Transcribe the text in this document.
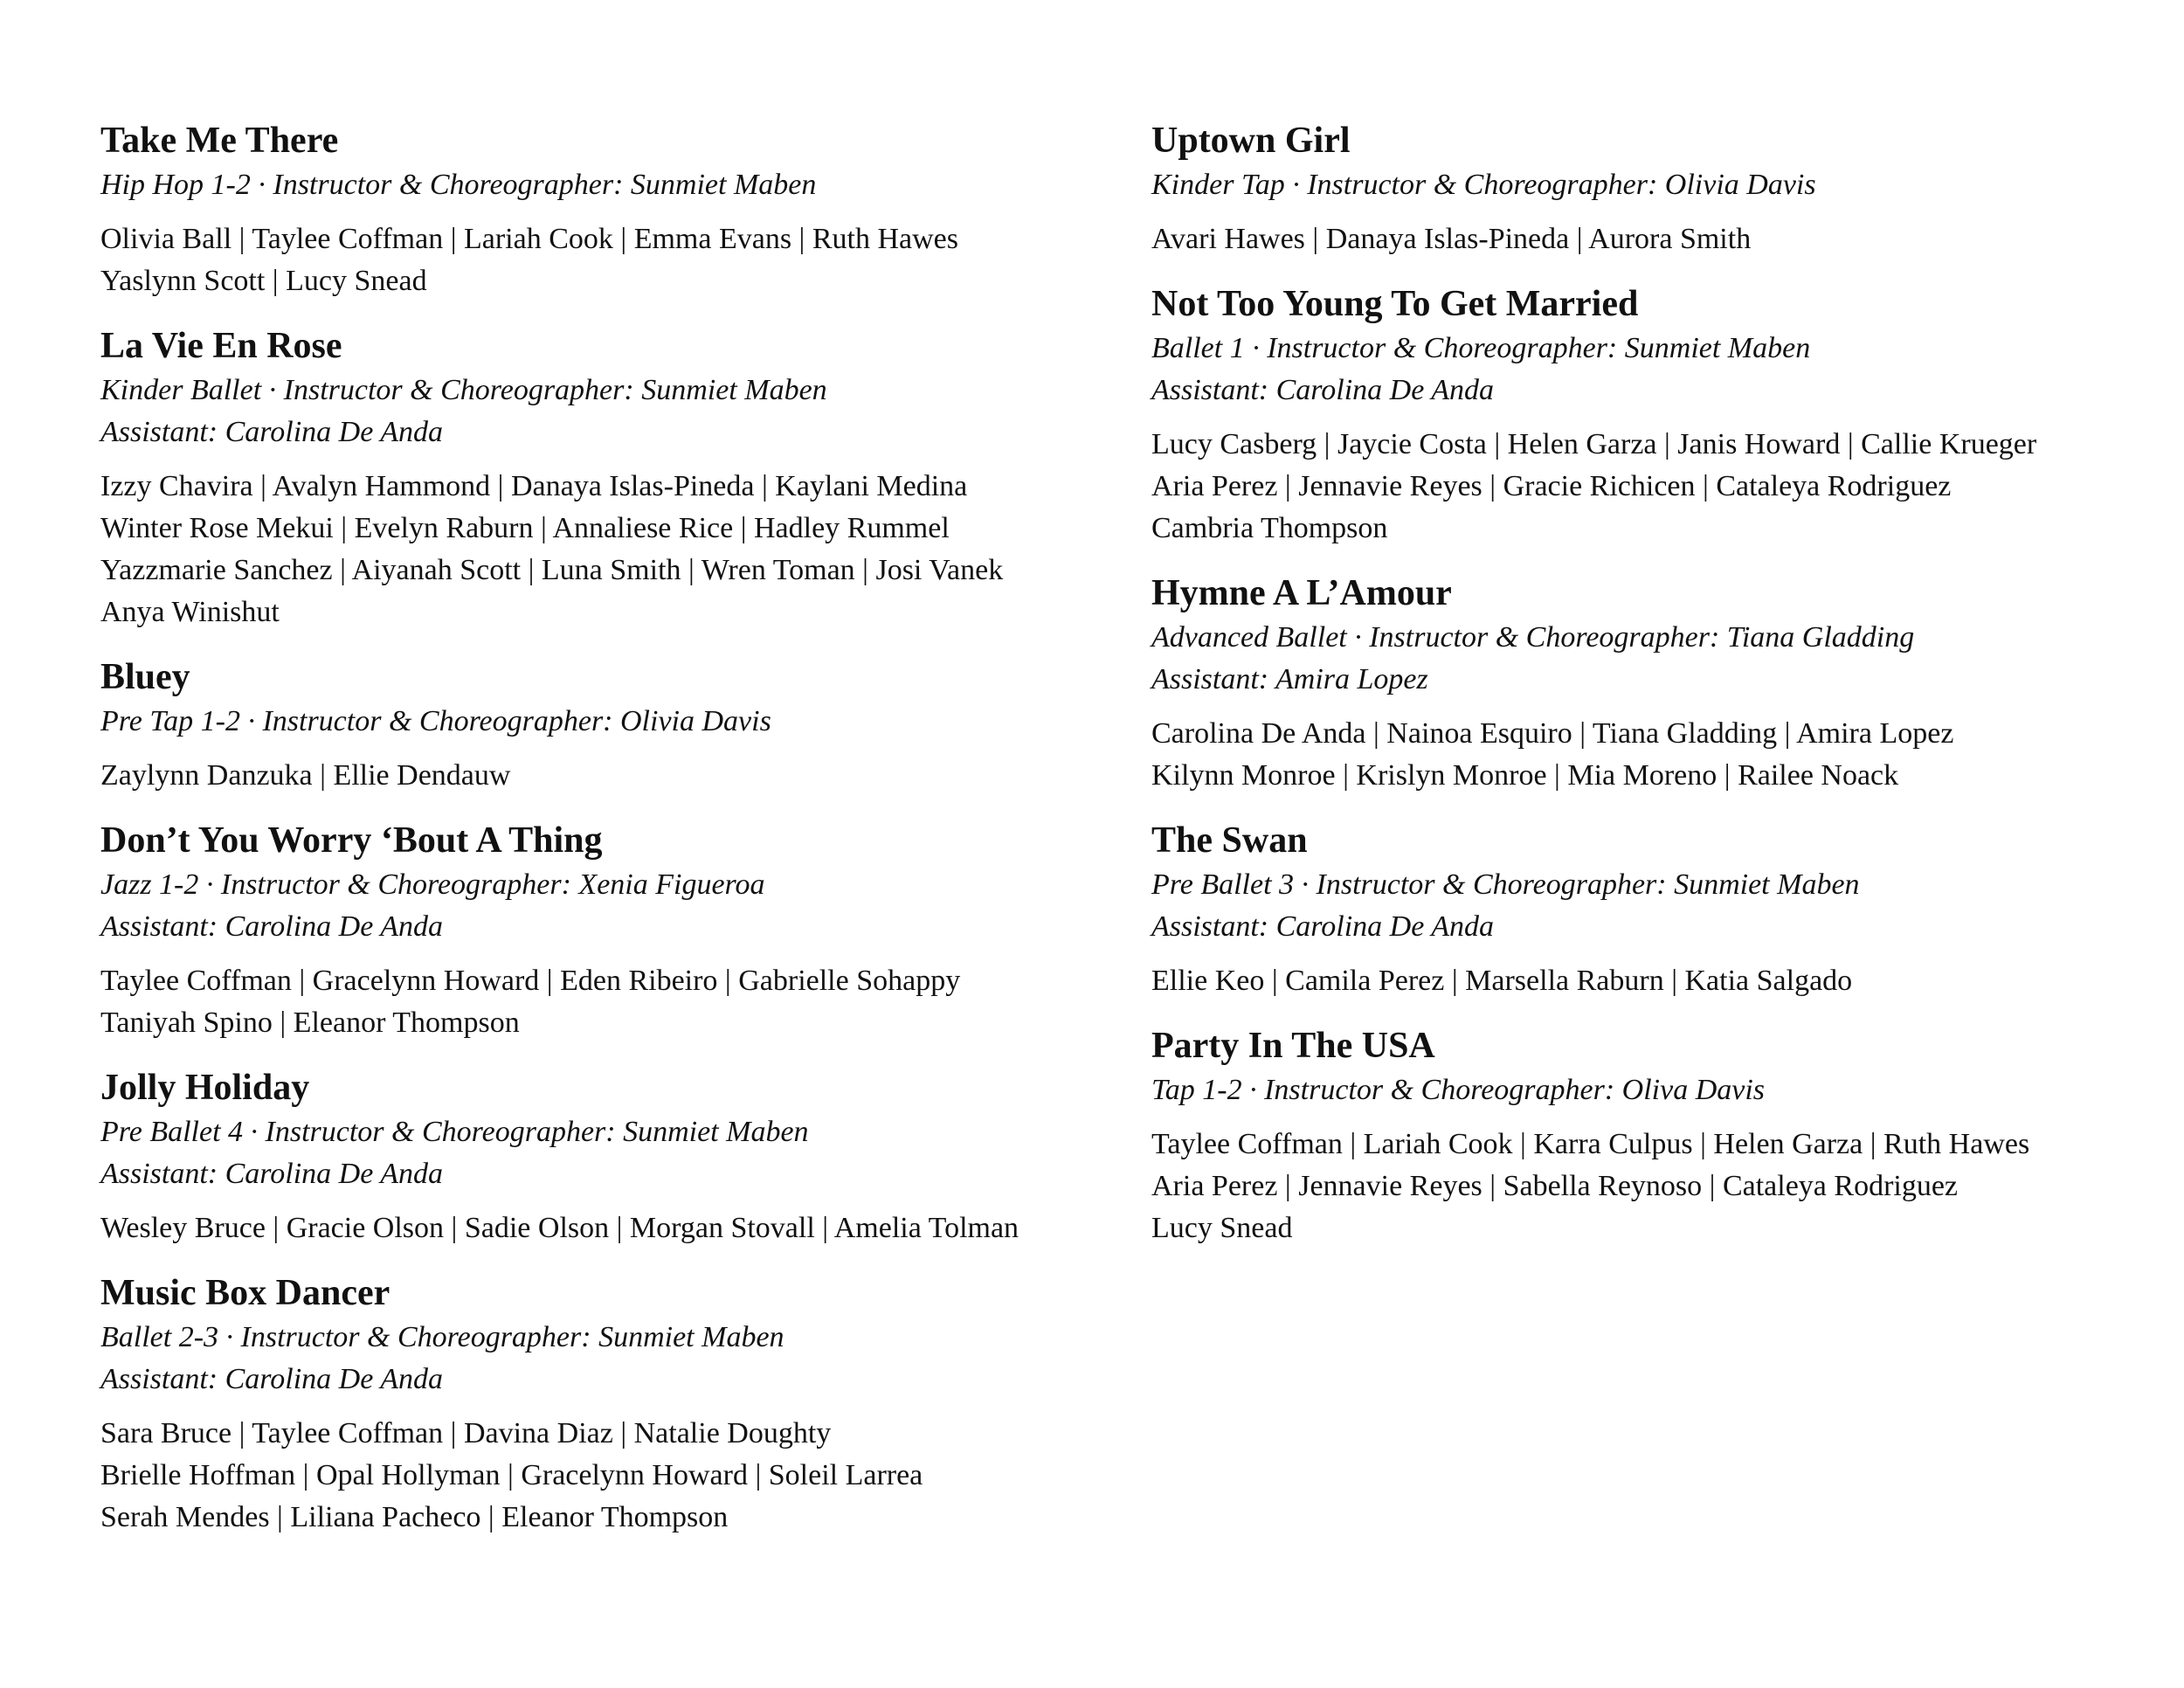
Take Me There
Hip Hop 1-2 · Instructor & Choreographer: Sunmiet Maben
Olivia Ball | Taylee Coffman | Lariah Cook | Emma Evans | Ruth Hawes
Yaslynn Scott | Lucy Snead
La Vie En Rose
Kinder Ballet · Instructor & Choreographer: Sunmiet Maben
Assistant: Carolina De Anda
Izzy Chavira | Avalyn Hammond | Danaya Islas-Pineda | Kaylani Medina
Winter Rose Mekui | Evelyn Raburn | Annaliese Rice | Hadley Rummel
Yazzmarie Sanchez | Aiyanah Scott | Luna Smith | Wren Toman | Josi Vanek
Anya Winishut
Bluey
Pre Tap 1-2 · Instructor & Choreographer: Olivia Davis
Zaylynn Danzuka | Ellie Dendauw
Don’t You Worry ‘Bout A Thing
Jazz 1-2 · Instructor & Choreographer: Xenia Figueroa
Assistant: Carolina De Anda
Taylee Coffman | Gracelynn Howard | Eden Ribeiro | Gabrielle Sohappy
Taniyah Spino | Eleanor Thompson
Jolly Holiday
Pre Ballet 4 · Instructor & Choreographer: Sunmiet Maben
Assistant: Carolina De Anda
Wesley Bruce | Gracie Olson | Sadie Olson | Morgan Stovall | Amelia Tolman
Music Box Dancer
Ballet 2-3 · Instructor & Choreographer: Sunmiet Maben
Assistant: Carolina De Anda
Sara Bruce | Taylee Coffman | Davina Diaz | Natalie Doughty
Brielle Hoffman | Opal Hollyman | Gracelynn Howard | Soleil Larrea
Serah Mendes | Liliana Pacheco | Eleanor Thompson
Uptown Girl
Kinder Tap · Instructor & Choreographer: Olivia Davis
Avari Hawes | Danaya Islas-Pineda | Aurora Smith
Not Too Young To Get Married
Ballet 1 · Instructor & Choreographer: Sunmiet Maben
Assistant: Carolina De Anda
Lucy Casberg | Jaycie Costa | Helen Garza | Janis Howard | Callie Krueger
Aria Perez | Jennavie Reyes | Gracie Richicen | Cataleya Rodriguez
Cambria Thompson
Hymne A L’Amour
Advanced Ballet · Instructor & Choreographer: Tiana Gladding
Assistant: Amira Lopez
Carolina De Anda | Nainoa Esquiro | Tiana Gladding | Amira Lopez
Kilynn Monroe | Krislyn Monroe | Mia Moreno | Railee Noack
The Swan
Pre Ballet 3 · Instructor & Choreographer: Sunmiet Maben
Assistant: Carolina De Anda
Ellie Keo | Camila Perez | Marsella Raburn | Katia Salgado
Party In The USA
Tap 1-2 · Instructor & Choreographer: Oliva Davis
Taylee Coffman | Lariah Cook | Karra Culpus | Helen Garza | Ruth Hawes
Aria Perez | Jennavie Reyes | Sabella Reynoso | Cataleya Rodriguez
Lucy Snead
